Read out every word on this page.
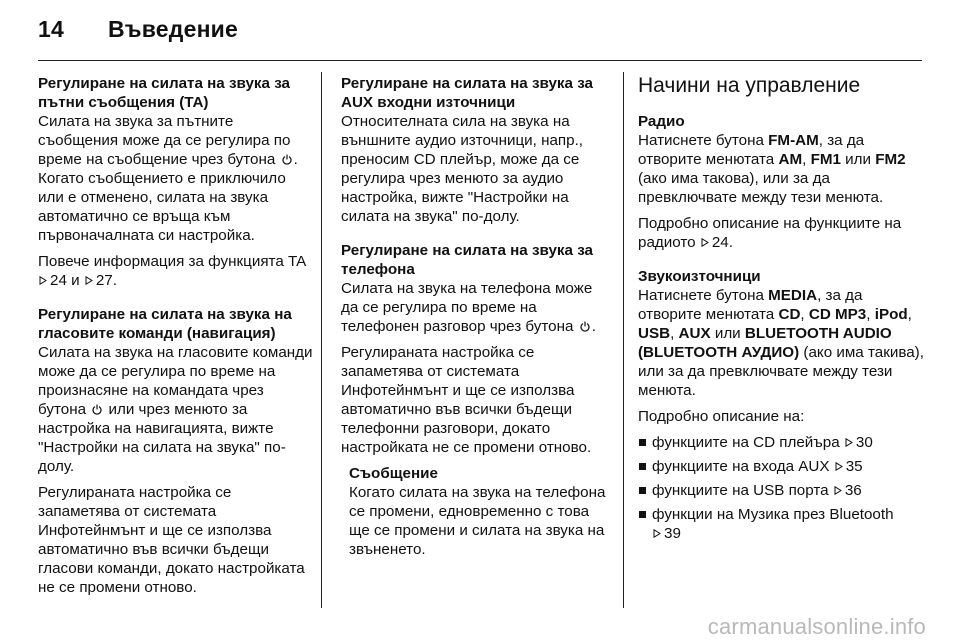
14 Въведение
Регулиране на силата на звука за пътни съобщения (TA)
Силата на звука за пътните съобщения може да се регулира по време на съобщение чрез бутона . Когато съобщението е приключило или е отменено, силата на звука автоматично се връща към първоначалната си настройка.
Повече информация за функцията TA 24 и 27.
Регулиране на силата на звука на гласовите команди (навигация)
Силата на звука на гласовите команди може да се регулира по време на произнасяне на командата чрез бутона  или чрез менюто за настройка на навигацията, вижте "Настройки на силата на звука" по-долу.
Регулираната настройка се запаметява от системата Инфотейнмънт и ще се използва автоматично във всички бъдещи гласови команди, докато настройката не се промени отново.
Регулиране на силата на звука за AUX входни източници
Относителната сила на звука на външните аудио източници, напр., преносим CD плейър, може да се регулира чрез менюто за аудио настройка, вижте "Настройки на силата на звука" по-долу.
Регулиране на силата на звука за телефона
Силата на звука на телефона може да се регулира по време на телефонен разговор чрез бутона .
Регулираната настройка се запаметява от системата Инфотейнмънт и ще се използва автоматично във всички бъдещи телефонни разговори, докато настройката не се промени отново.
Съобщение
Когато силата на звука на телефона се промени, едновременно с това ще се промени и силата на звука на звъненето.
Начини на управление
Радио
Натиснете бутона FM-AM, за да отворите менютата AM, FM1 или FM2 (ако има такова), или за да превключвате между тези менюта.
Подробно описание на функциите на радиото 24.
Звукоизточници
Натиснете бутона MEDIA, за да отворите менютата CD, CD MP3, iPod, USB, AUX или BLUETOOTH AUDIO (BLUETOOTH АУДИО) (ако има такива), или за да превключвате между тези менюта.
Подробно описание на:
функциите на CD плейъра 30
функциите на входа AUX 35
функциите на USB порта 36
функции на Музика през Bluetooth 39
carmanualsonline.info
